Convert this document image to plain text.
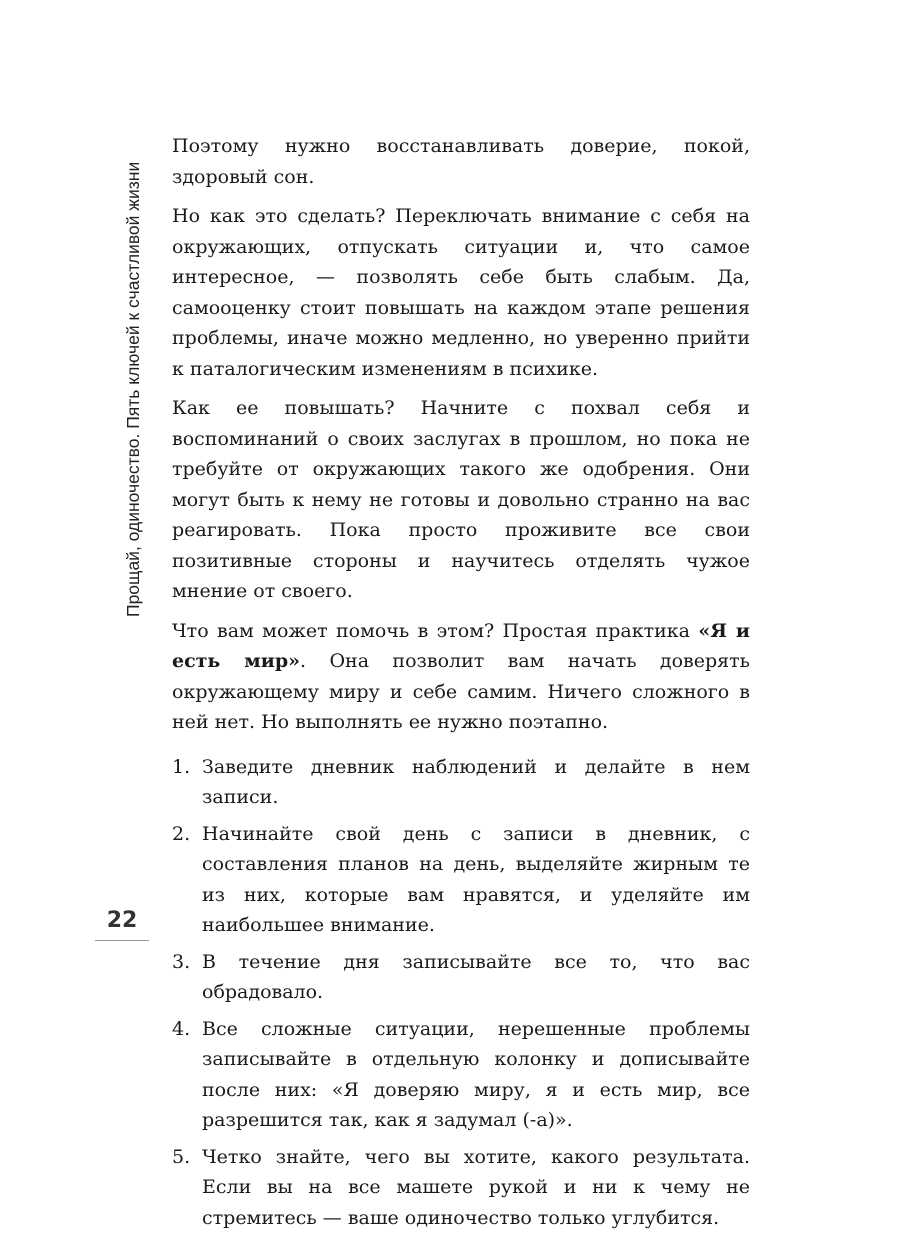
Прощай, одиночество. Пять ключей к счастливой жизни
22

Поэтому нужно восстанавливать доверие, покой, здоровый сон.

Но как это сделать? Переключать внимание с себя на окружающих, отпускать ситуации и, что самое интересное, — позволять себе быть слабым. Да, самооценку стоит повышать на каждом этапе решения проблемы, иначе можно медленно, но уверенно прийти к паталогическим изменениям в психике.

Как ее повышать? Начните с похвал себя и воспоминаний о своих заслугах в прошлом, но пока не требуйте от окружающих такого же одобрения. Они могут быть к нему не готовы и довольно странно на вас реагировать. Пока просто проживите все свои позитивные стороны и научитесь отделять чужое мнение от своего.

Что вам может помочь в этом? Простая практика «Я и есть мир». Она позволит вам начать доверять окружающему миру и себе самим. Ничего сложного в ней нет. Но выполнять ее нужно поэтапно.

1. Заведите дневник наблюдений и делайте в нем записи.
2. Начинайте свой день с записи в дневник, с составления планов на день, выделяйте жирным те из них, которые вам нравятся, и уделяйте им наибольшее внимание.
3. В течение дня записывайте все то, что вас обрадовало.
4. Все сложные ситуации, нерешенные проблемы записывайте в отдельную колонку и дописывайте после них: «Я доверяю миру, я и есть мир, все разрешится так, как я задумал (-а)».
5. Четко знайте, чего вы хотите, какого результата. Если вы на все машете рукой и ни к чему не стремитесь — ваше одиночество только углубится.
